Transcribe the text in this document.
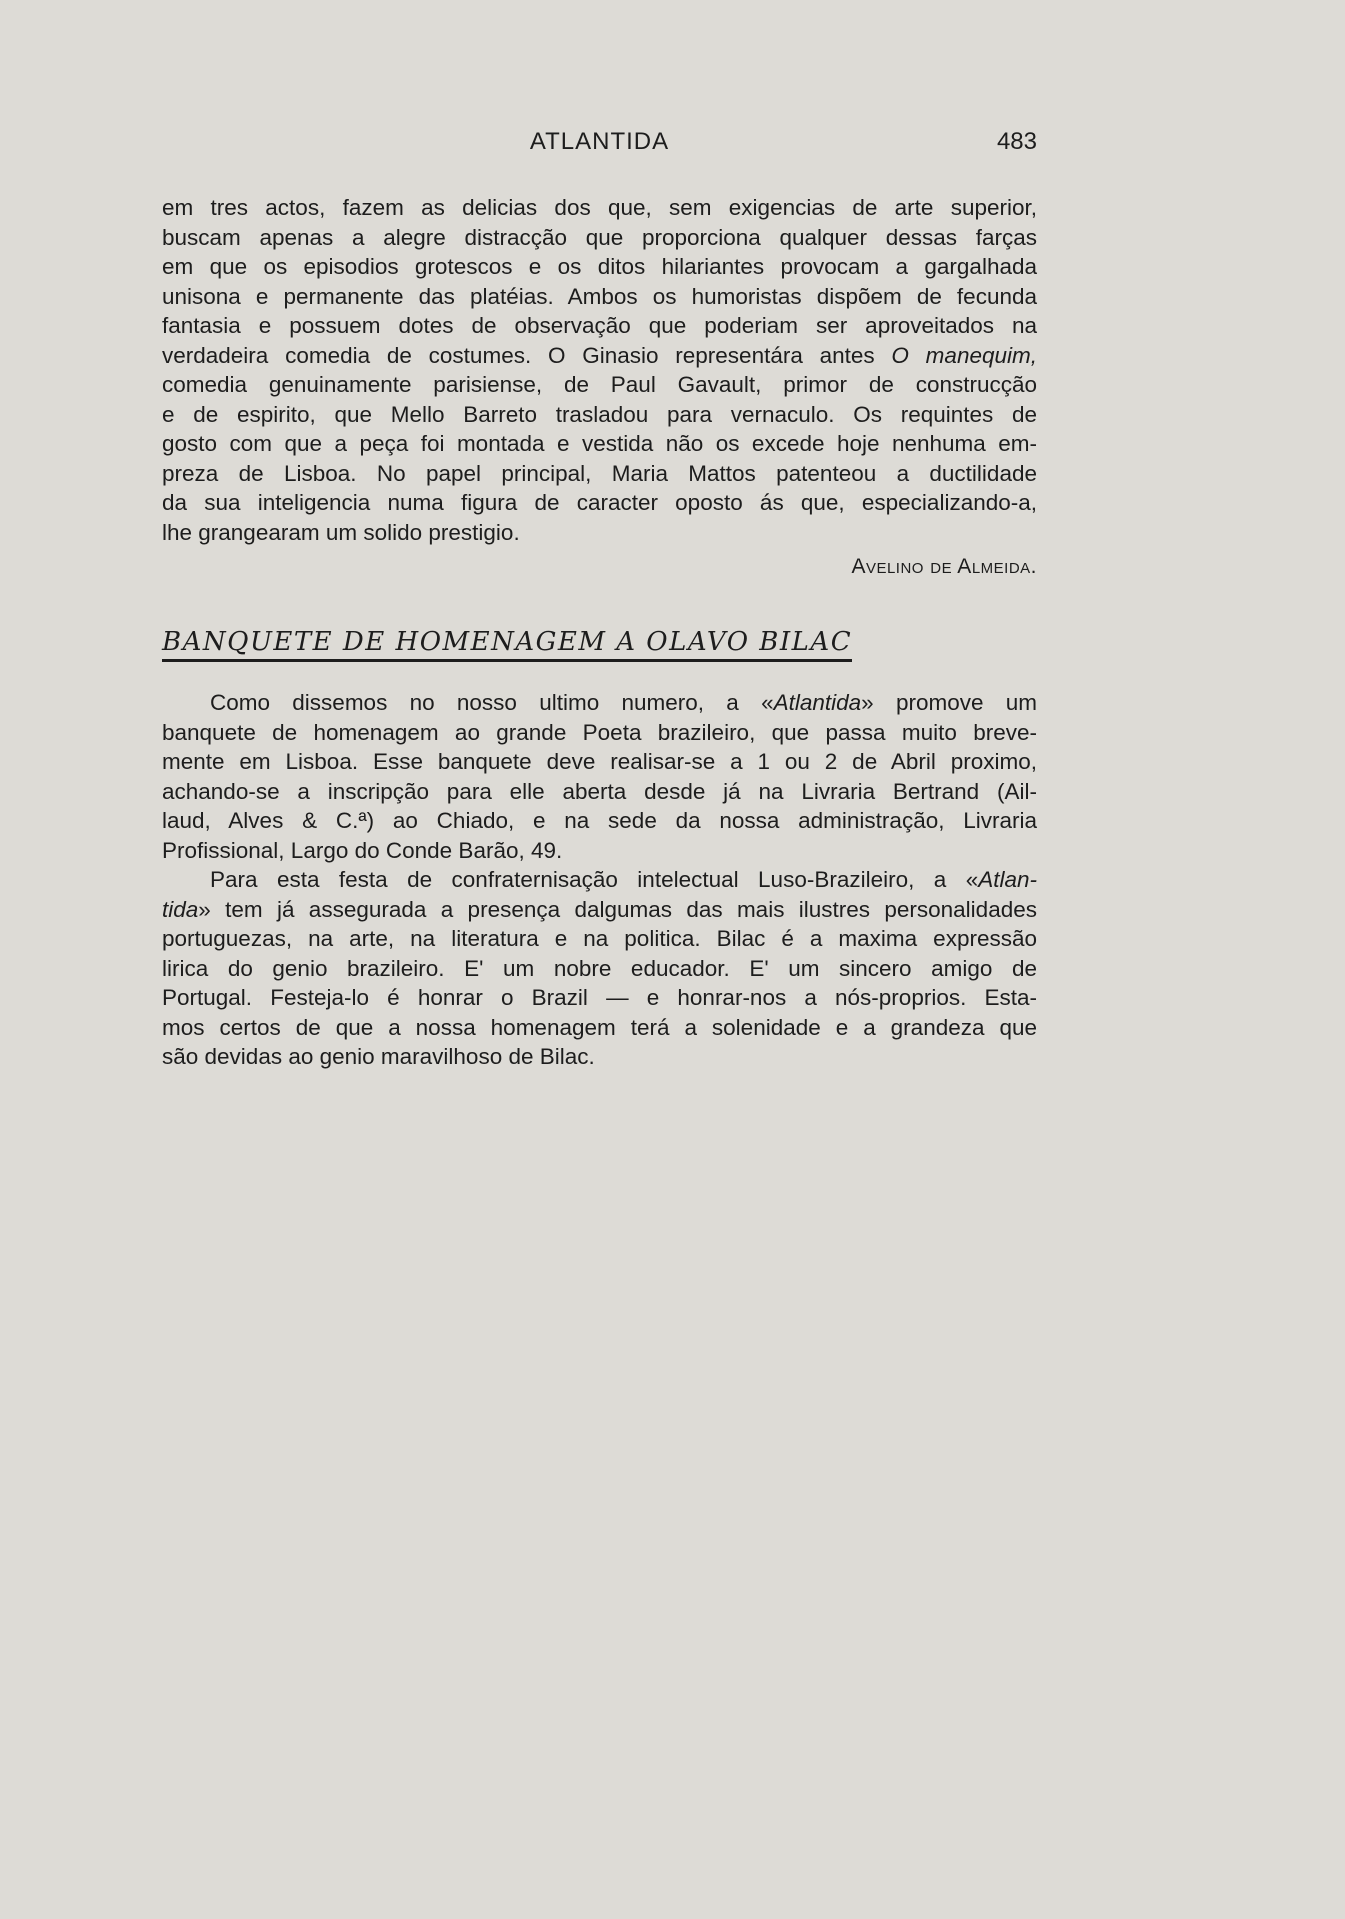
ATLANTIDA	483
em tres actos, fazem as delicias dos que, sem exigencias de arte superior,
buscam apenas a alegre distracção que proporciona qualquer dessas farças
em que os episodios grotescos e os ditos hilariantes provocam a gargalhada
unisona e permanente das platéias. Ambos os humoristas dispõem de fecunda
fantasia e possuem dotes de observação que poderiam ser aproveitados na
verdadeira comedia de costumes. O Ginasio representára antes O manequim,
comedia genuinamente parisiense, de Paul Gavault, primor de construcção
e de espirito, que Mello Barreto trasladou para vernaculo. Os requintes de
gosto com que a peça foi montada e vestida não os excede hoje nenhuma em-
preza de Lisboa. No papel principal, Maria Mattos patenteou a ductilidade
da sua inteligencia numa figura de caracter oposto ás que, especializando-a,
lhe grangearam um solido prestigio.
Avelino de Almeida.
BANQUETE DE HOMENAGEM A OLAVO BILAC
Como dissemos no nosso ultimo numero, a «Atlantida» promove um
banquete de homenagem ao grande Poeta brazileiro, que passa muito breve-
mente em Lisboa. Esse banquete deve realisar-se a 1 ou 2 de Abril proximo,
achando-se a inscripção para elle aberta desde já na Livraria Bertrand (Ail-
laud, Alves & C.ª) ao Chiado, e na sede da nossa administração, Livraria
Profissional, Largo do Conde Barão, 49.
Para esta festa de confraternisação intelectual Luso-Brazileiro, a «Atlan-
tida» tem já assegurada a presença dalgumas das mais ilustres personalidades
portuguezas, na arte, na literatura e na politica. Bilac é a maxima expressão
lirica do genio brazileiro. E' um nobre educador. E' um sincero amigo de
Portugal. Festeja-lo é honrar o Brazil — e honrar-nos a nós-proprios. Esta-
mos certos de que a nossa homenagem terá a solenidade e a grandeza que
são devidas ao genio maravilhoso de Bilac.
